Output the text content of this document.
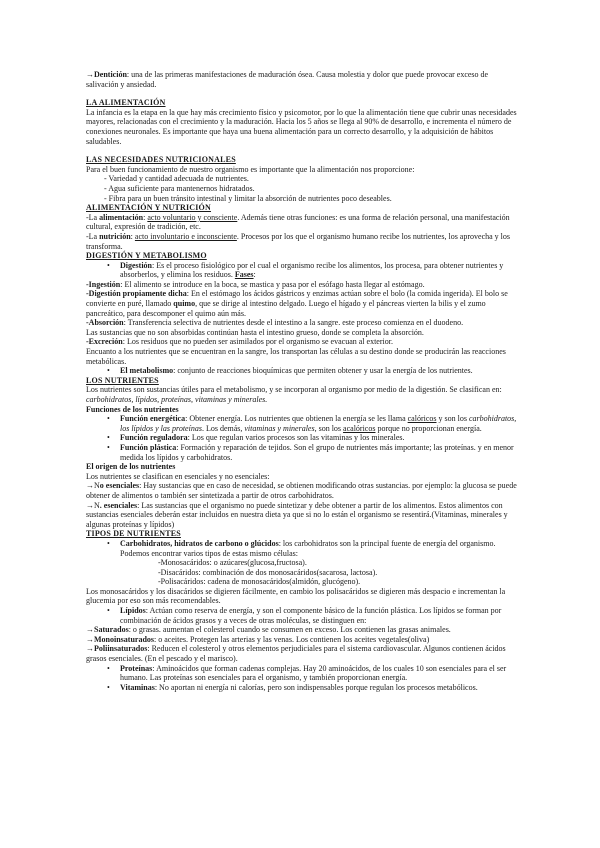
→Dentición: una de las primeras manifestaciones de maduración ósea. Causa molestia y dolor que puede provocar exceso de salivación y ansiedad.

LA ALIMENTACIÓN

La infancia es la etapa en la que hay más crecimiento físico y psicomotor, por lo que la alimentación tiene que cubrir unas necesidades mayores, relacionadas con el crecimiento y la maduración. Hacia los 5 años se llega al 90% de desarrollo, e incrementa el número de conexiones neuronales. Es importante que haya una buena alimentación para un correcto desarrollo, y la adquisición de hábitos saludables.

LAS NECESIDADES NUTRICIONALES

Para el buen funcionamiento de nuestro organismo es importante que la alimentación nos proporcione:

- Variedad y cantidad adecuada de nutrientes.

- Agua suficiente para mantenernos hidratados.

- Fibra para un buen tránsito intestinal y limitar la absorción de nutrientes poco deseables.

ALIMENTACIÓN Y NUTRICIÓN

-La alimentación: acto voluntario y consciente. Además tiene otras funciones: es una forma de relación personal, una manifestación cultural, expresión de tradición, etc.

-La nutrición: acto involuntario e inconsciente. Procesos por los que el organismo humano recibe los nutrientes, los aprovecha y los transforma.

DIGESTIÓN Y METABOLISMO

• Digestión: Es el proceso fisiológico por el cual el organismo recibe los alimentos, los procesa, para obtener nutrientes y absorberlos, y elimina los residuos. Fases:

-Ingestión: El alimento se introduce en la boca, se mastica y pasa por el esófago hasta llegar al estómago.

-Digestión propiamente dicha: En el estómago los ácidos gástricos y enzimas actúan sobre el bolo (la comida ingerida). El bolo se convierte en puré, llamado quimo, que se dirige al intestino delgado. Luego el hígado y el páncreas vierten la bilis y el zumo pancreático, para descomponer el quimo aún más.

-Absorción: Transferencia selectiva de nutrientes desde el intestino a la sangre. este proceso comienza en el duodeno.

Las sustancias que no son absorbidas continúan hasta el intestino grueso, donde se completa la absorción.

-Excreción: Los residuos que no pueden ser asimilados por el organismo se evacuan al exterior.

Encuanto a los nutrientes que se encuentran en la sangre, los transportan las células a su destino donde se producirán las reacciones metabólicas.

• El metabolismo: conjunto de reacciones bioquímicas que permiten obtener y usar la energía de los nutrientes.

LOS NUTRIENTES

Los nutrientes son sustancias útiles para el metabolismo, y se incorporan al organismo por medio de la digestión. Se clasifican en: carbohidratos, lípidos, proteínas, vitaminas y minerales.

Funciones de los nutrientes

• Función energética: Obtener energía. Los nutrientes que obtienen la energía se les llama calóricos y son los carbohidratos, los lípidos y las proteínas. Los demás, vitaminas y minerales, son los acalóricos porque no proporcionan energía.
• Función reguladora: Los que regulan varios procesos son las vitaminas y los minerales.
• Función plástica: Formación y reparación de tejidos. Son el grupo de nutrientes más importante; las proteínas. y en menor medida los lípidos y carbohidratos.

El origen de los nutrientes

Los nutrientes se clasifican en esenciales y no esenciales:

→No esenciales: Hay sustancias que en caso de necesidad, se obtienen modificando otras sustancias. por ejemplo: la glucosa se puede obtener de alimentos o también ser sintetizada a partir de otros carbohidratos.

→N. esenciales: Las sustancias que el organismo no puede sintetizar y debe obtener a partir de los alimentos. Estos alimentos con sustancias esenciales deberán estar incluidos en nuestra dieta ya que si no lo están el organismo se resentirá.(Vitaminas, minerales y algunas proteínas y lípidos)

TIPOS DE NUTRIENTES

• Carbohidratos, hidratos de carbono o glúcidos: los carbohidratos son la principal fuente de energía del organismo. Podemos encontrar varios tipos de estas mismo células:

-Monosacáridos: o azúcares(glucosa,fructosa).

-Disacáridos: combinación de dos monosacáridos(sacarosa, lactosa).

-Polisacáridos: cadena de monosacáridos(almidón, glucógeno).

Los monosacáridos y los disacáridos se digieren fácilmente, en cambio los polisacáridos se digieren más despacio e incrementan la glucemia por eso son más recomendables.

• Lípidos: Actúan como reserva de energía, y son el componente básico de la función plástica. Los lípidos se forman por combinación de ácidos grasos y a veces de otras moléculas, se distinguen en:

→Saturados: o grasas. aumentan el colesterol cuando se consumen en exceso. Los contienen las grasas animales.

→Monoinsaturados: o aceites. Protegen las arterias y las venas. Los contienen los aceites vegetales(oliva)

→Poliinsaturados: Reducen el colesterol y otros elementos perjudiciales para el sistema cardiovascular. Algunos contienen ácidos grasos esenciales. (En el pescado y el marisco).

• Proteínas: Aminoácidos que forman cadenas complejas. Hay 20 aminoácidos, de los cuales 10 son esenciales para el ser humano. Las proteínas son esenciales para el organismo, y también proporcionan energía.
• Vitaminas: No aportan ni energía ni calorías, pero son indispensables porque regulan los procesos metabólicos.
